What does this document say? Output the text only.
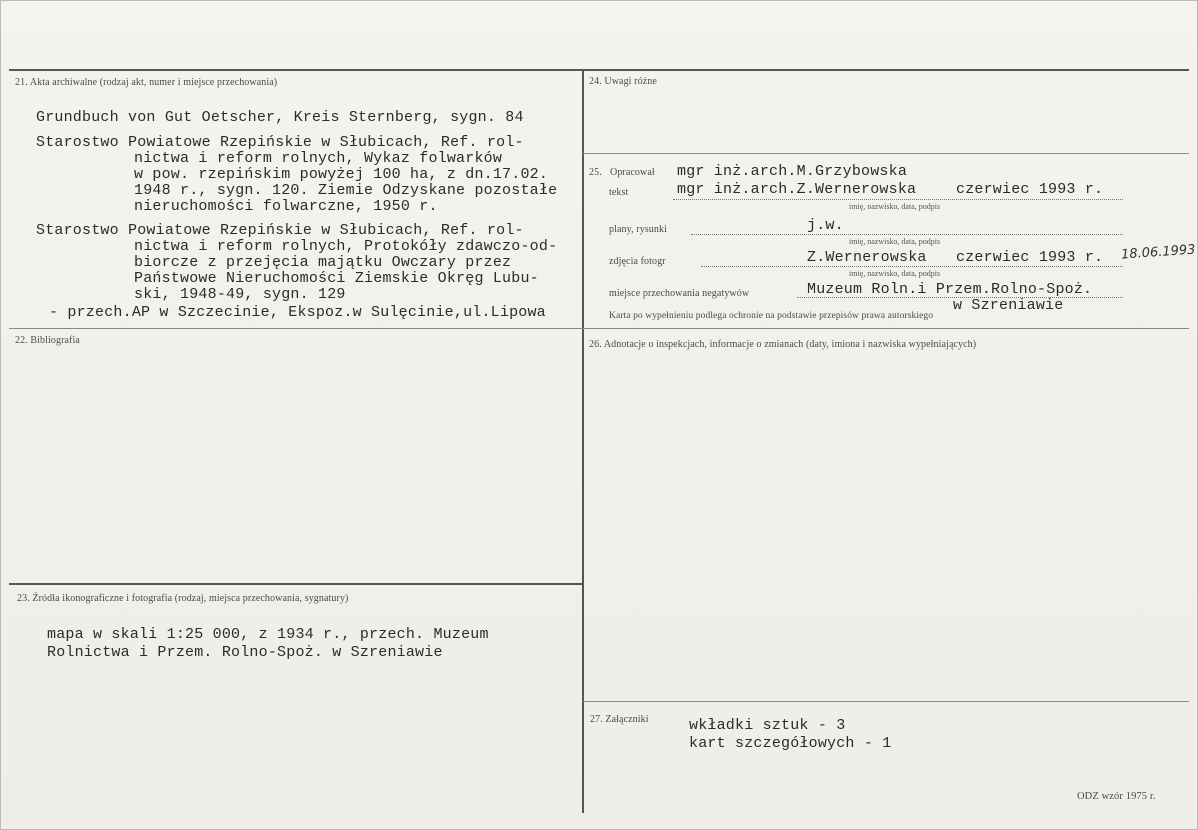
21. Akta archiwalne (rodzaj akt, numer i miejsce przechowania)
Grundbuch von Gut Oetscher, Kreis Sternberg, sygn. 84
Starostwo Powiatowe Rzepińskie w Słubicach, Ref. rol-
nictwa i reform rolnych, Wykaz folwarków
w pow. rzepińskim powyżej 100 ha, z dn.17.02.
1948 r., sygn. 120. Ziemie Odzyskane pozostałe
nieruchomości folwarczne, 1950 r.
Starostwo Powiatowe Rzepińskie w Słubicach, Ref. rol-
nictwa i reform rolnych, Protokóły zdawczo-od-
biorcze z przejęcia majątku Owczary przez
Państwowe Nieruchomości Ziemskie Okręg Lubu-
ski, 1948-49, sygn. 129
- przech.AP w Szczecinie, Ekspoz.w Sulęcinie,ul.Lipowa
22. Bibliografia
23. Źródła ikonograficzne i fotografia (rodzaj, miejsca przechowania, sygnatury)
mapa w skali 1:25 000, z 1934 r., przech. Muzeum
Rolnictwa i Przem. Rolno-Spoż. w Szreniawie
24. Uwagi różne
25. Opracował
tekst
mgr inż.arch.M.Grzybowska
mgr inż.arch.Z.Wernerowska	czerwiec 1993 r.
imię, nazwisko, data, podpis
plany, rysunki	j.w.
imię, nazwisko, data, podpis
zdjęcia fotogr	Z.Wernerowska czerwiec 1993 r. 18.06.1993
imię, nazwisko, data, podpis
miejsce przechowania negatywów	Muzeum Roln.i Przem.Rolno-Spoż.
w Szreniawie
Karta po wypełnieniu podlega ochronie na podstawie przepisów prawa autorskiego
26. Adnotacje o inspekcjach, informacje o zmianach (daty, imiona i nazwiska wypełniających)
27. Załączniki	wkładki sztuk - 3
kart szczegółowych - 1
ODZ wzór 1975 r.
